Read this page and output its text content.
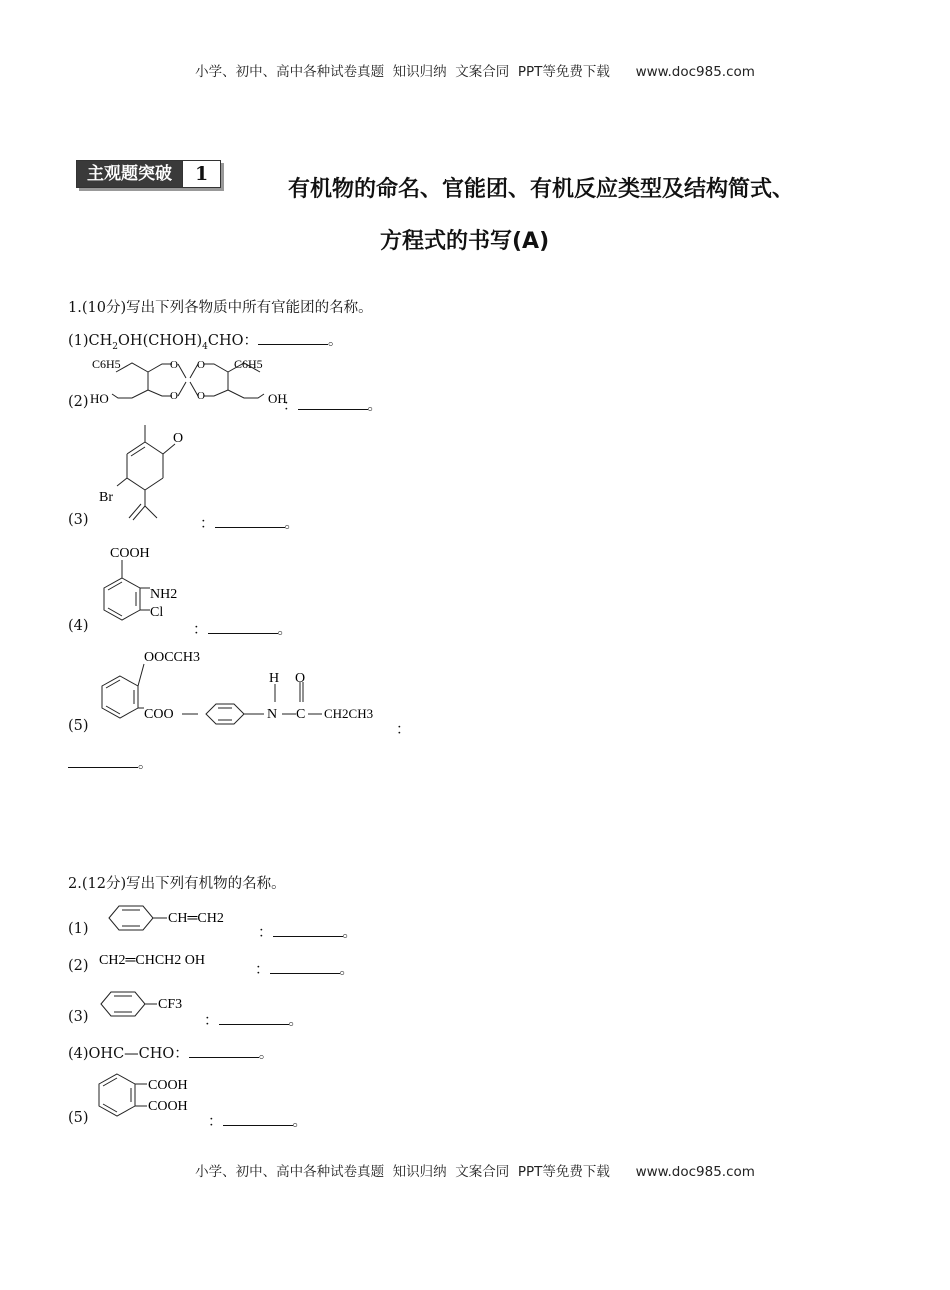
小学、初中、高中各种试卷真题  知识归纳  文案合同  PPT等免费下载      www.doc985.com
小学、初中、高中各种试卷真题  知识归纳  文案合同  PPT等免费下载      www.doc985.com
主观题突破	1
有机物的命名、官能团、有机反应类型及结构简式、
方程式的书写(A)
1.(10分)写出下列各物质中所有官能团的名称。
$(1)CH_2OH(CHOH)_4CHO$：	。
(2)
C6H5	C6H5
HO	OH
O
O
O
O
：	。
(3)
O
Br
：	。
(4)
COOH
NH2
Cl
：	。
(5)
OOCCH3
COO
H O
N C CH2CH3
：
。
2.(12分)写出下列有机物的名称。
(1)
CH═CH2
：	。
(2) CH2═CHCH2 OH
：	。
(3)
CF3
：	。
(4)OHC—CHO：	。
(5)
COOH
COOH
：	。
